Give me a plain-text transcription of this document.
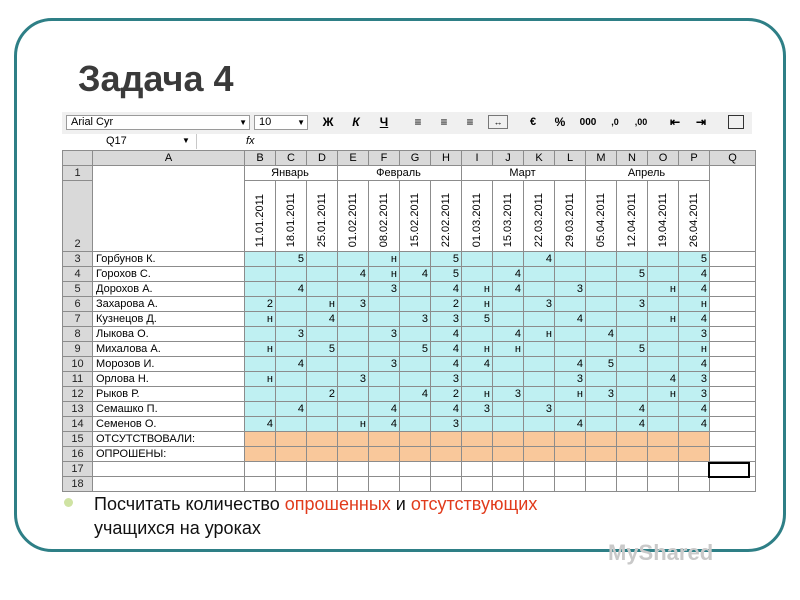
Задача 4
Arial Cyr	▼	10	▼ Ж	К	Ч	≡	≡	≡	↔	€	%	000	,0	,00	⇤	⇥
Q17	▼	fx
	A	B	C	D	E	F	G	H	I	J	K	L	M	N	O	P	Q
1		Январь			Февраль				Март				Апрель				
2		11.01.2011	18.01.2011	25.01.2011	01.02.2011	08.02.2011	15.02.2011	22.02.2011	01.03.2011	15.03.2011	22.03.2011	29.03.2011	05.04.2011	12.04.2011	19.04.2011	26.04.2011	
3	Горбунов К.		5			н		5			4					5	
4	Горохов С.				4	н	4	5		4				5		4	
5	Дорохов А.		4			3		4	н	4		3			н	4	
6	Захарова А.	2		н	3			2	н		3			3		н	
7	Кузнецов Д.	н		4			3	3	5			4			н	4	
8	Лыкова О.		3			3		4		4	н		4			3	
9	Михалова А.	н		5			5	4	н	н				5		н	
10	Морозов И.		4			3		4	4			4	5			4	
11	Орлова Н.	н			3			3				3			4	3	
12	Рыков Р.			2			4	2	н	3		н	3		н	3	
13	Семашко П.		4			4		4	3		3			4		4	
14	Семенов О.	4			н	4		3				4		4		4	
15	ОТСУТСТВОВАЛИ:																
16	ОПРОШЕНЫ:																
17																	
18																	
Посчитать количество опрошенных и отсутствующих
учащихся на уроках
MyShared
